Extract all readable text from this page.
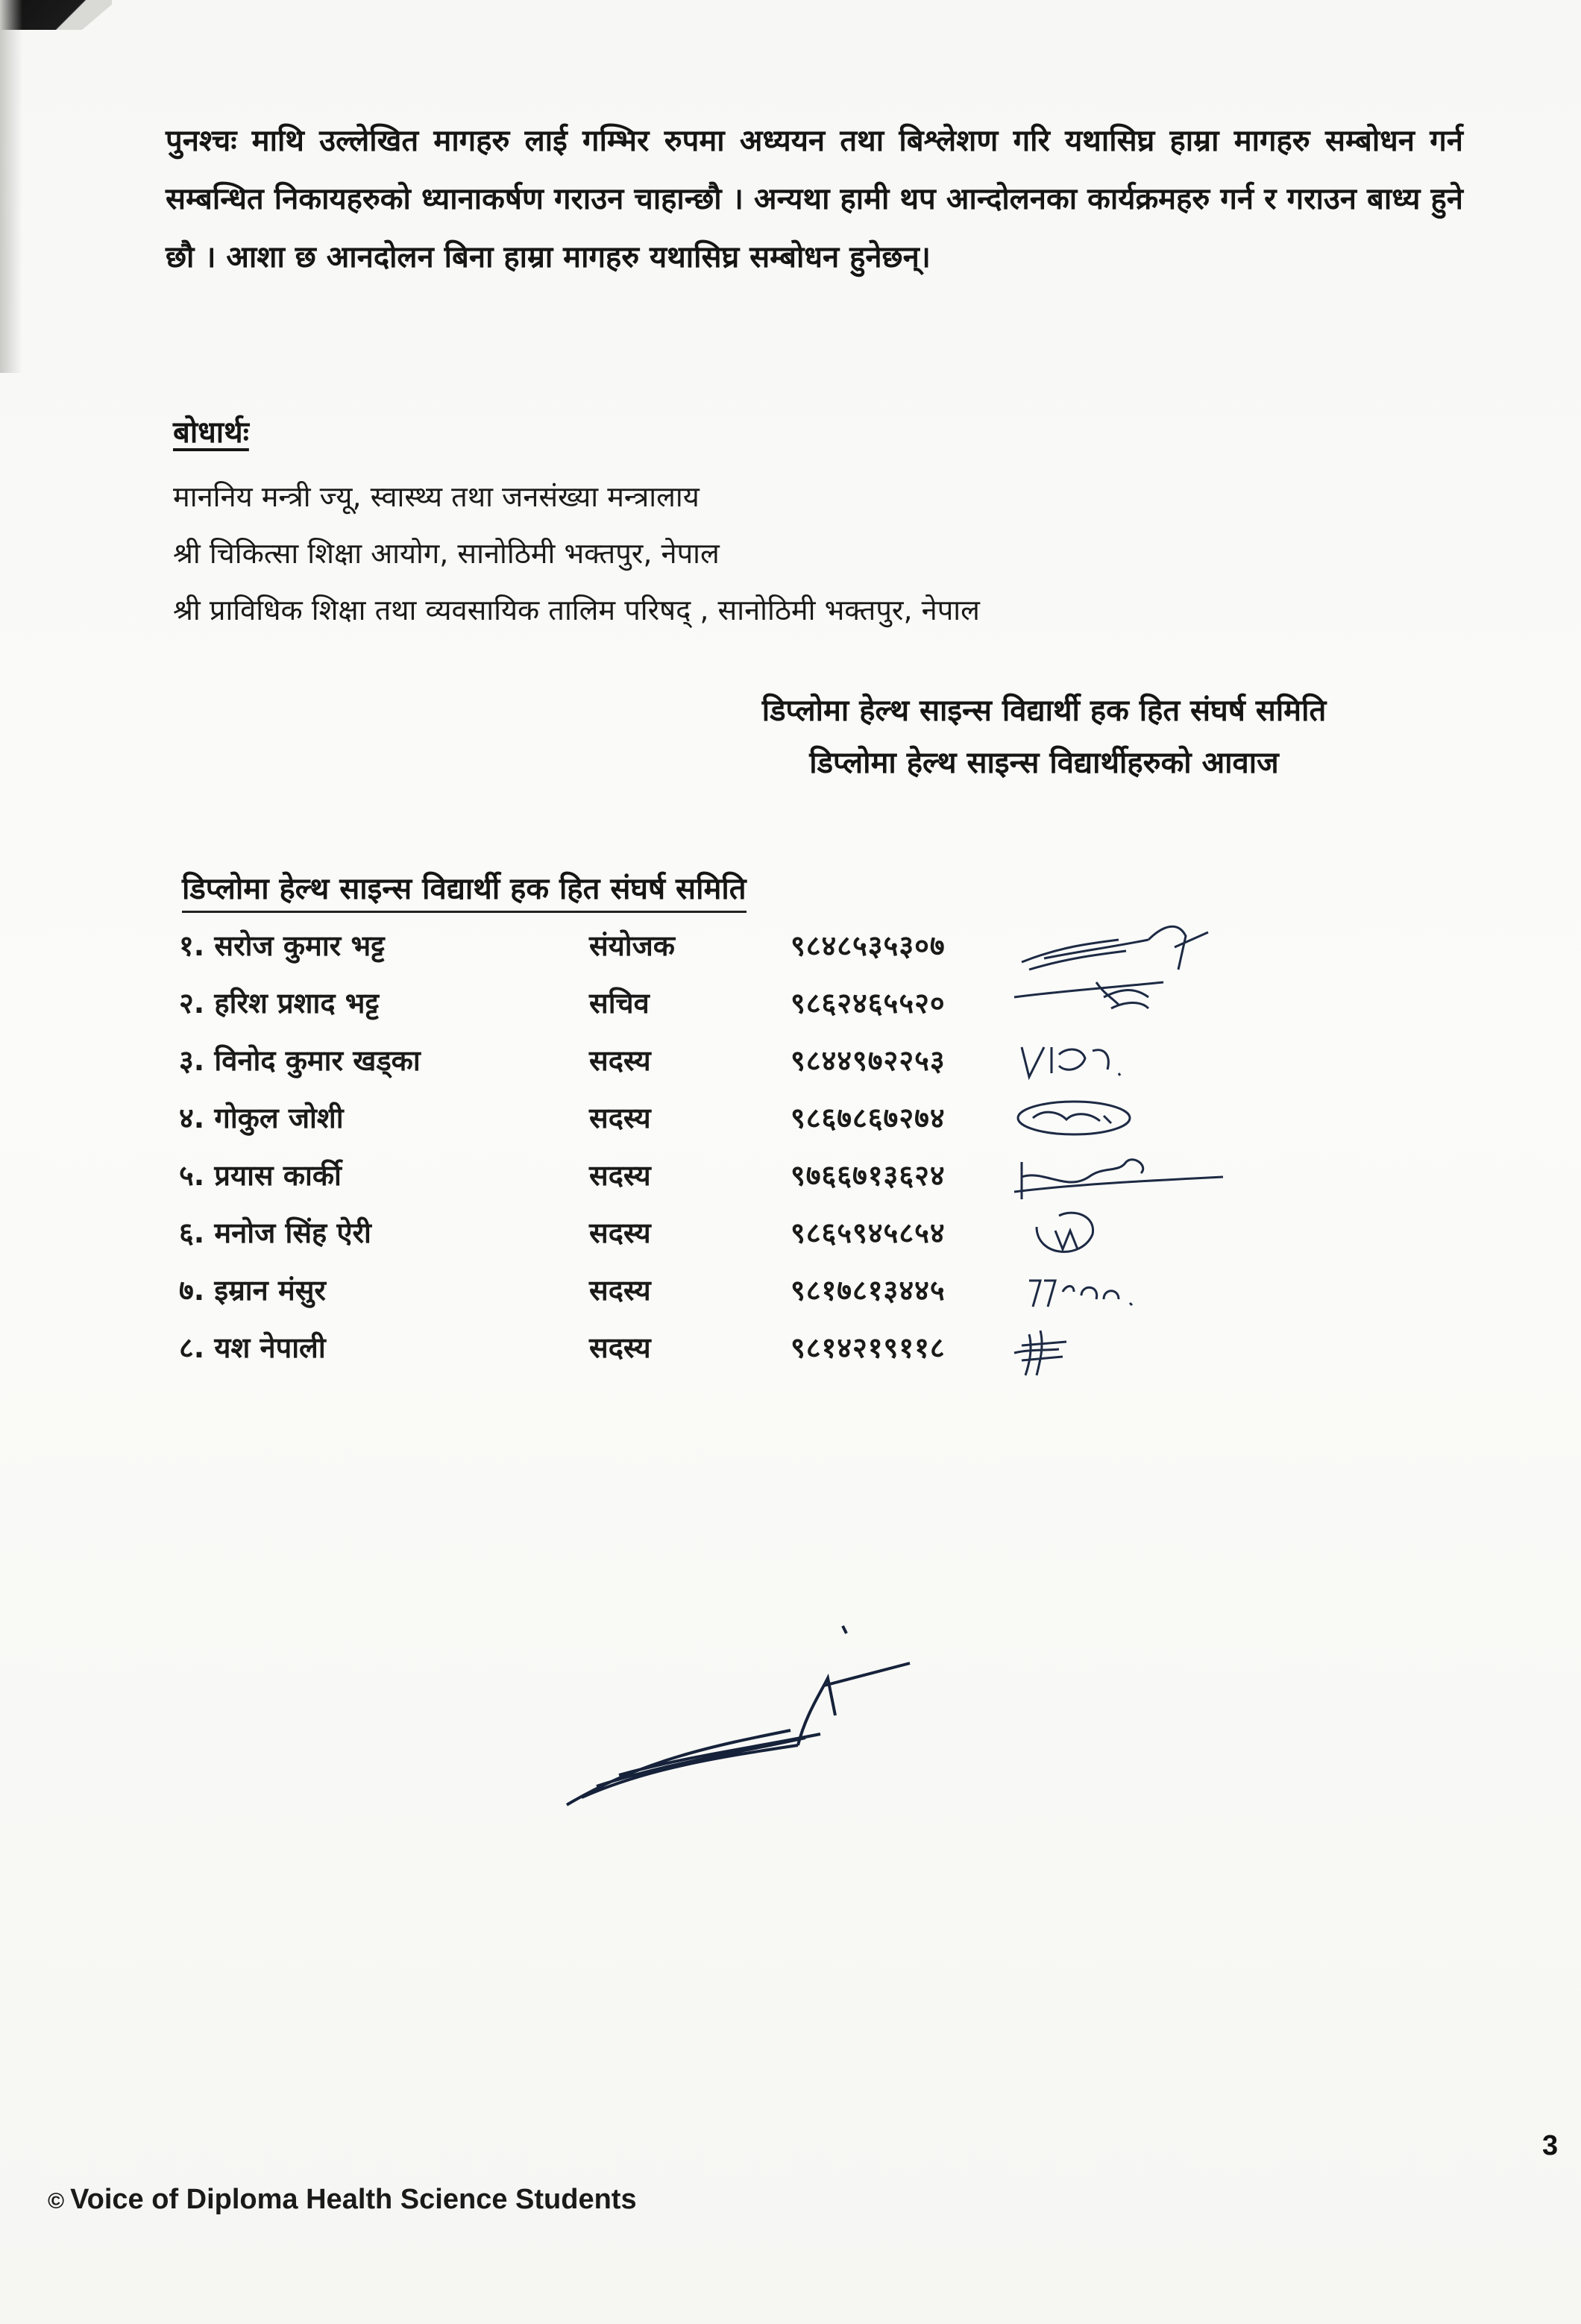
पुनश्चः माथि उल्लेखित मागहरु लाई गम्भिर रुपमा अध्ययन तथा बिश्लेशण गरि यथासिघ्र हाम्रा मागहरु सम्बोधन गर्न सम्बन्धित निकायहरुको ध्यानाकर्षण गराउन चाहान्छौ । अन्यथा हामी थप आन्दोलनका कार्यक्रमहरु गर्न र गराउन बाध्य हुने छौ । आशा छ आनदोलन बिना हाम्रा मागहरु यथासिघ्र सम्बोधन हुनेछन्।

बोधार्थः
माननिय मन्त्री ज्यू, स्वास्थ्य तथा जनसंख्या मन्त्रालाय
श्री चिकित्सा शिक्षा आयोग, सानोठिमी भक्तपुर, नेपाल
श्री प्राविधिक शिक्षा तथा व्यवसायिक तालिम परिषद् , सानोठिमी भक्तपुर, नेपाल
डिप्लोमा हेल्थ साइन्स विद्यार्थी हक हित संघर्ष समिति
डिप्लोमा हेल्थ साइन्स विद्यार्थीहरुको आवाज
डिप्लोमा हेल्थ साइन्स विद्यार्थी हक हित संघर्ष समिति
१. सरोज कुमार भट्ट	संयोजक	९८४८५३५३०७
२. हरिश प्रशाद भट्ट	सचिव	९८६२४६५५२०
३. विनोद कुमार खड्का	सदस्य	९८४४९७२२५३
४. गोकुल जोशी	सदस्य	९८६७८६७२७४
५. प्रयास कार्की	सदस्य	९७६६७१३६२४
६. मनोज सिंह ऐरी	सदस्य	९८६५९४५८५४
७. इम्रान मंसुर	सदस्य	९८१७८१३४४५
८. यश नेपाली	सदस्य	९८१४२१९११८
© Voice of Diploma Health Science Students
3
